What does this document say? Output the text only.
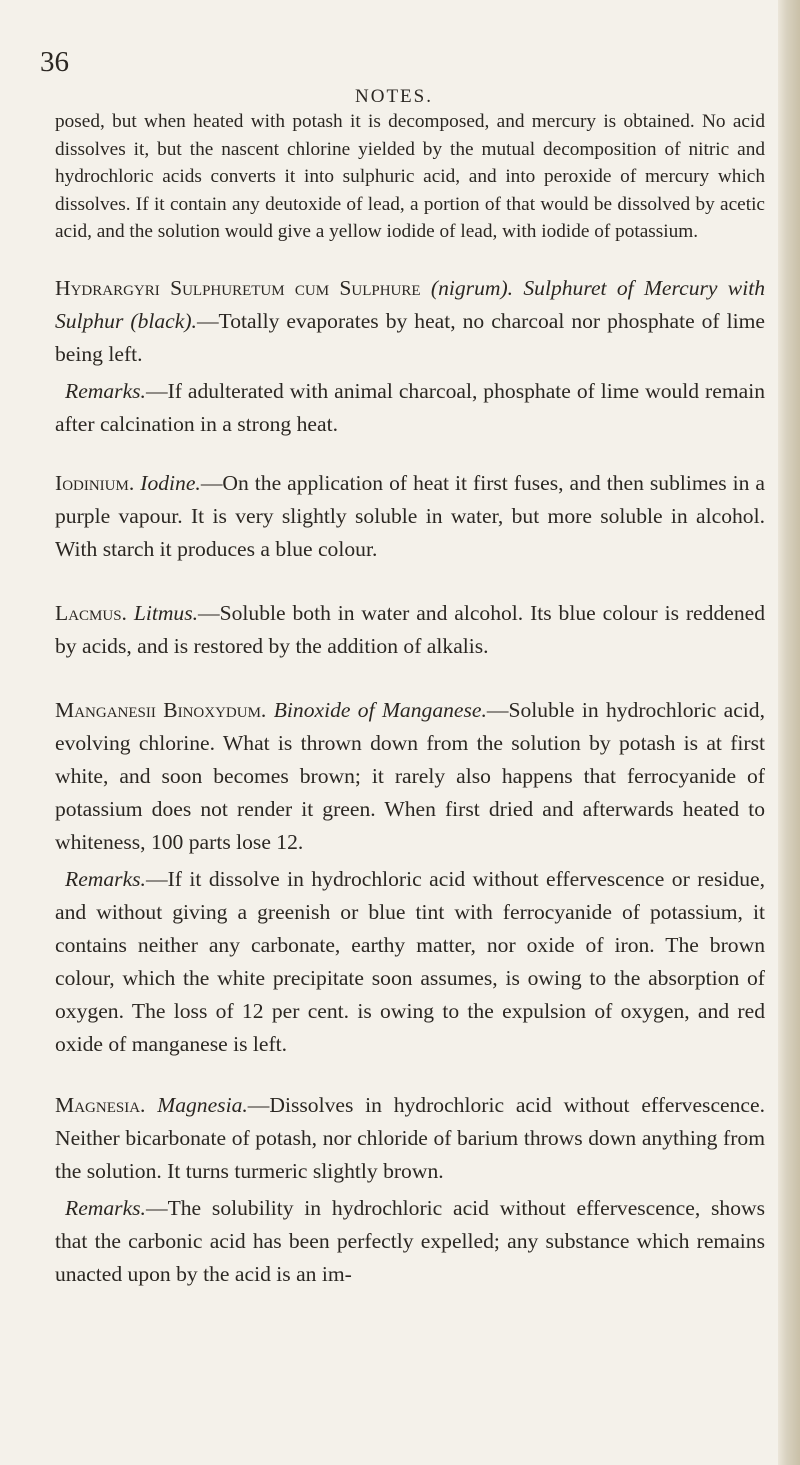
36
NOTES.

posed, but when heated with potash it is decomposed, and mercury is obtained. No acid dissolves it, but the nascent chlorine yielded by the mutual decomposition of nitric and hydrochloric acids converts it into sulphuric acid, and into peroxide of mercury which dissolves. If it contain any deutoxide of lead, a portion of that would be dissolved by acetic acid, and the solution would give a yellow iodide of lead, with iodide of potassium.

Hydrargyri Sulphuretum cum Sulphure (nigrum). Sulphuret of Mercury with Sulphur (black).—Totally evaporates by heat, no charcoal nor phosphate of lime being left.

Remarks.—If adulterated with animal charcoal, phosphate of lime would remain after calcination in a strong heat.

Iodinium. Iodine.—On the application of heat it first fuses, and then sublimes in a purple vapour. It is very slightly soluble in water, but more soluble in alcohol. With starch it produces a blue colour.

Lacmus. Litmus.—Soluble both in water and alcohol. Its blue colour is reddened by acids, and is restored by the addition of alkalis.

Manganesii Binoxydum. Binoxide of Manganese.—Soluble in hydrochloric acid, evolving chlorine. What is thrown down from the solution by potash is at first white, and soon becomes brown; it rarely also happens that ferrocyanide of potassium does not render it green. When first dried and afterwards heated to whiteness, 100 parts lose 12.

Remarks.—If it dissolve in hydrochloric acid without effervescence or residue, and without giving a greenish or blue tint with ferrocyanide of potassium, it contains neither any carbonate, earthy matter, nor oxide of iron. The brown colour, which the white precipitate soon assumes, is owing to the absorption of oxygen. The loss of 12 per cent. is owing to the expulsion of oxygen, and red oxide of manganese is left.

Magnesia. Magnesia.—Dissolves in hydrochloric acid without effervescence. Neither bicarbonate of potash, nor chloride of barium throws down anything from the solution. It turns turmeric slightly brown.

Remarks.—The solubility in hydrochloric acid without effervescence, shows that the carbonic acid has been perfectly expelled; any substance which remains unacted upon by the acid is an im-
